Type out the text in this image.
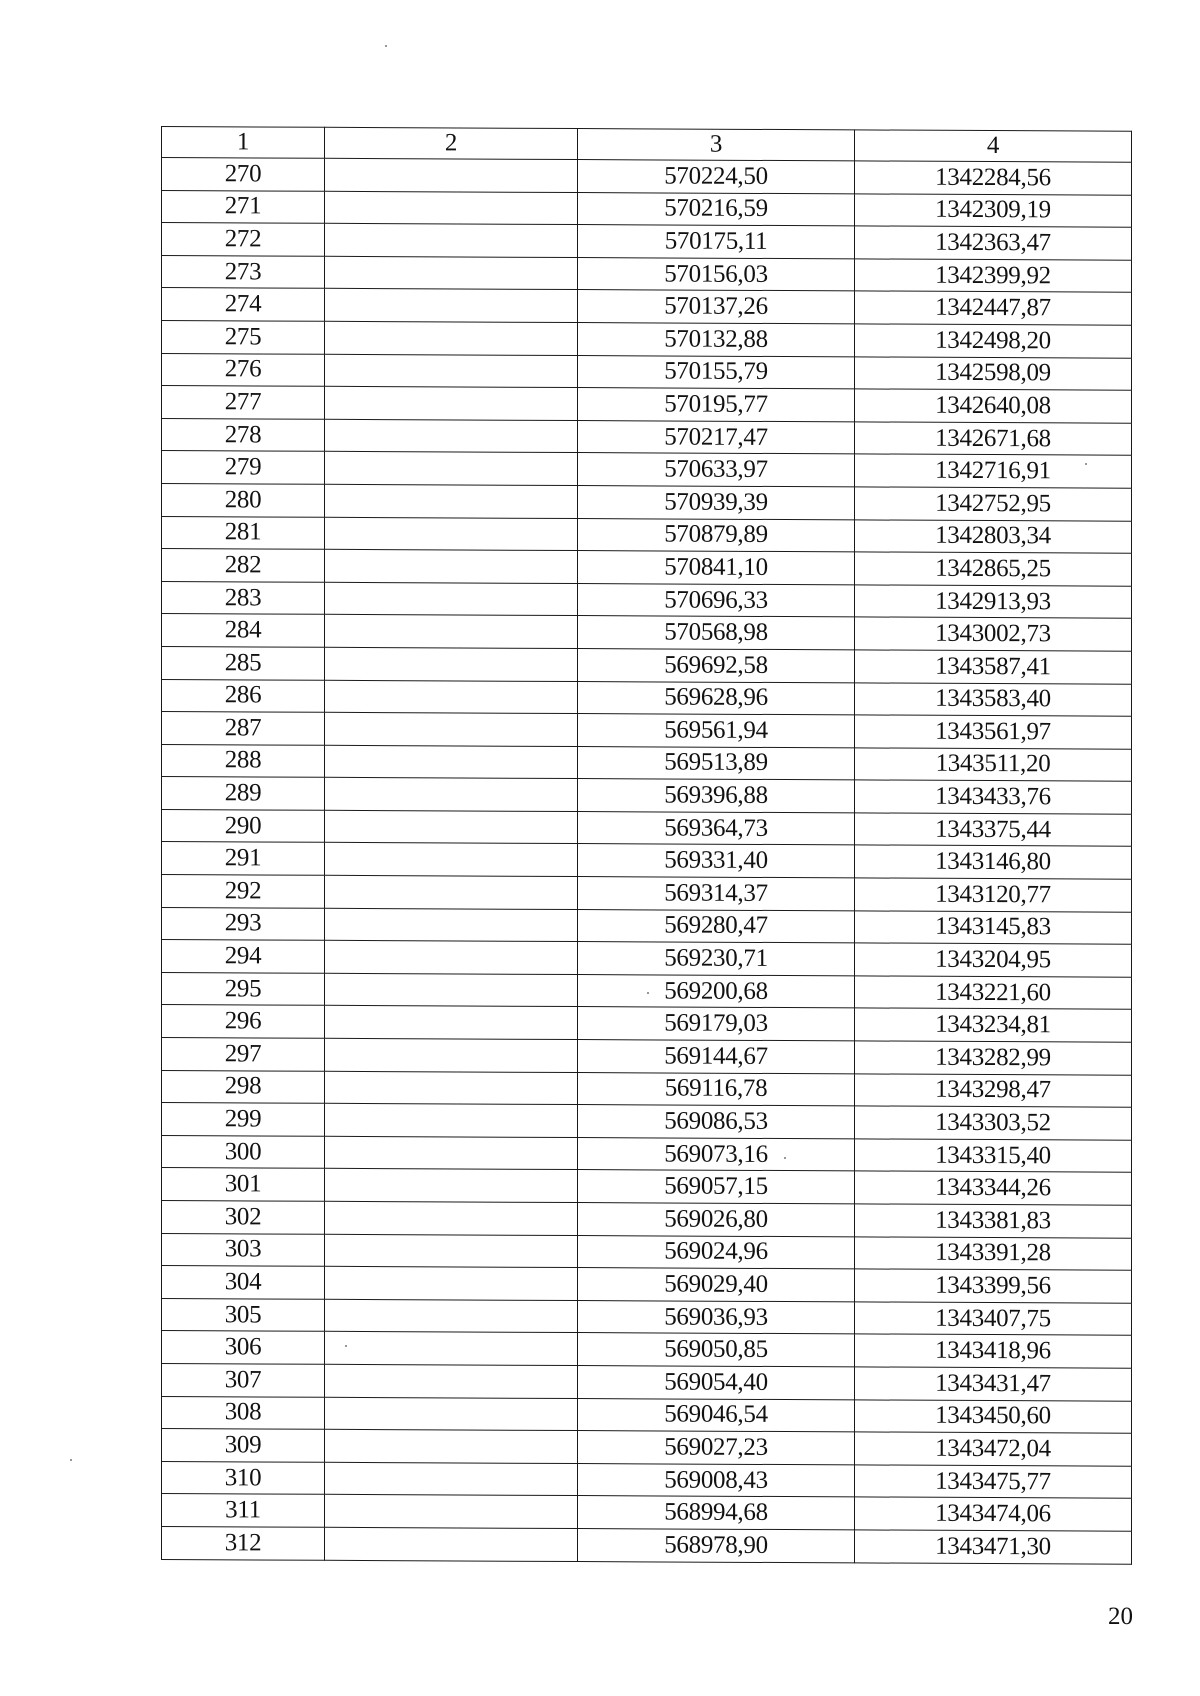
1	2	3	4
270		570224,50	1342284,56
271		570216,59	1342309,19
272		570175,11	1342363,47
273		570156,03	1342399,92
274		570137,26	1342447,87
275		570132,88	1342498,20
276		570155,79	1342598,09
277		570195,77	1342640,08
278		570217,47	1342671,68
279		570633,97	1342716,91
280		570939,39	1342752,95
281		570879,89	1342803,34
282		570841,10	1342865,25
283		570696,33	1342913,93
284		570568,98	1343002,73
285		569692,58	1343587,41
286		569628,96	1343583,40
287		569561,94	1343561,97
288		569513,89	1343511,20
289		569396,88	1343433,76
290		569364,73	1343375,44
291		569331,40	1343146,80
292		569314,37	1343120,77
293		569280,47	1343145,83
294		569230,71	1343204,95
295		569200,68	1343221,60
296		569179,03	1343234,81
297		569144,67	1343282,99
298		569116,78	1343298,47
299		569086,53	1343303,52
300		569073,16	1343315,40
301		569057,15	1343344,26
302		569026,80	1343381,83
303		569024,96	1343391,28
304		569029,40	1343399,56
305		569036,93	1343407,75
306		569050,85	1343418,96
307		569054,40	1343431,47
308		569046,54	1343450,60
309		569027,23	1343472,04
310		569008,43	1343475,77
311		568994,68	1343474,06
312		568978,90	1343471,30
20
